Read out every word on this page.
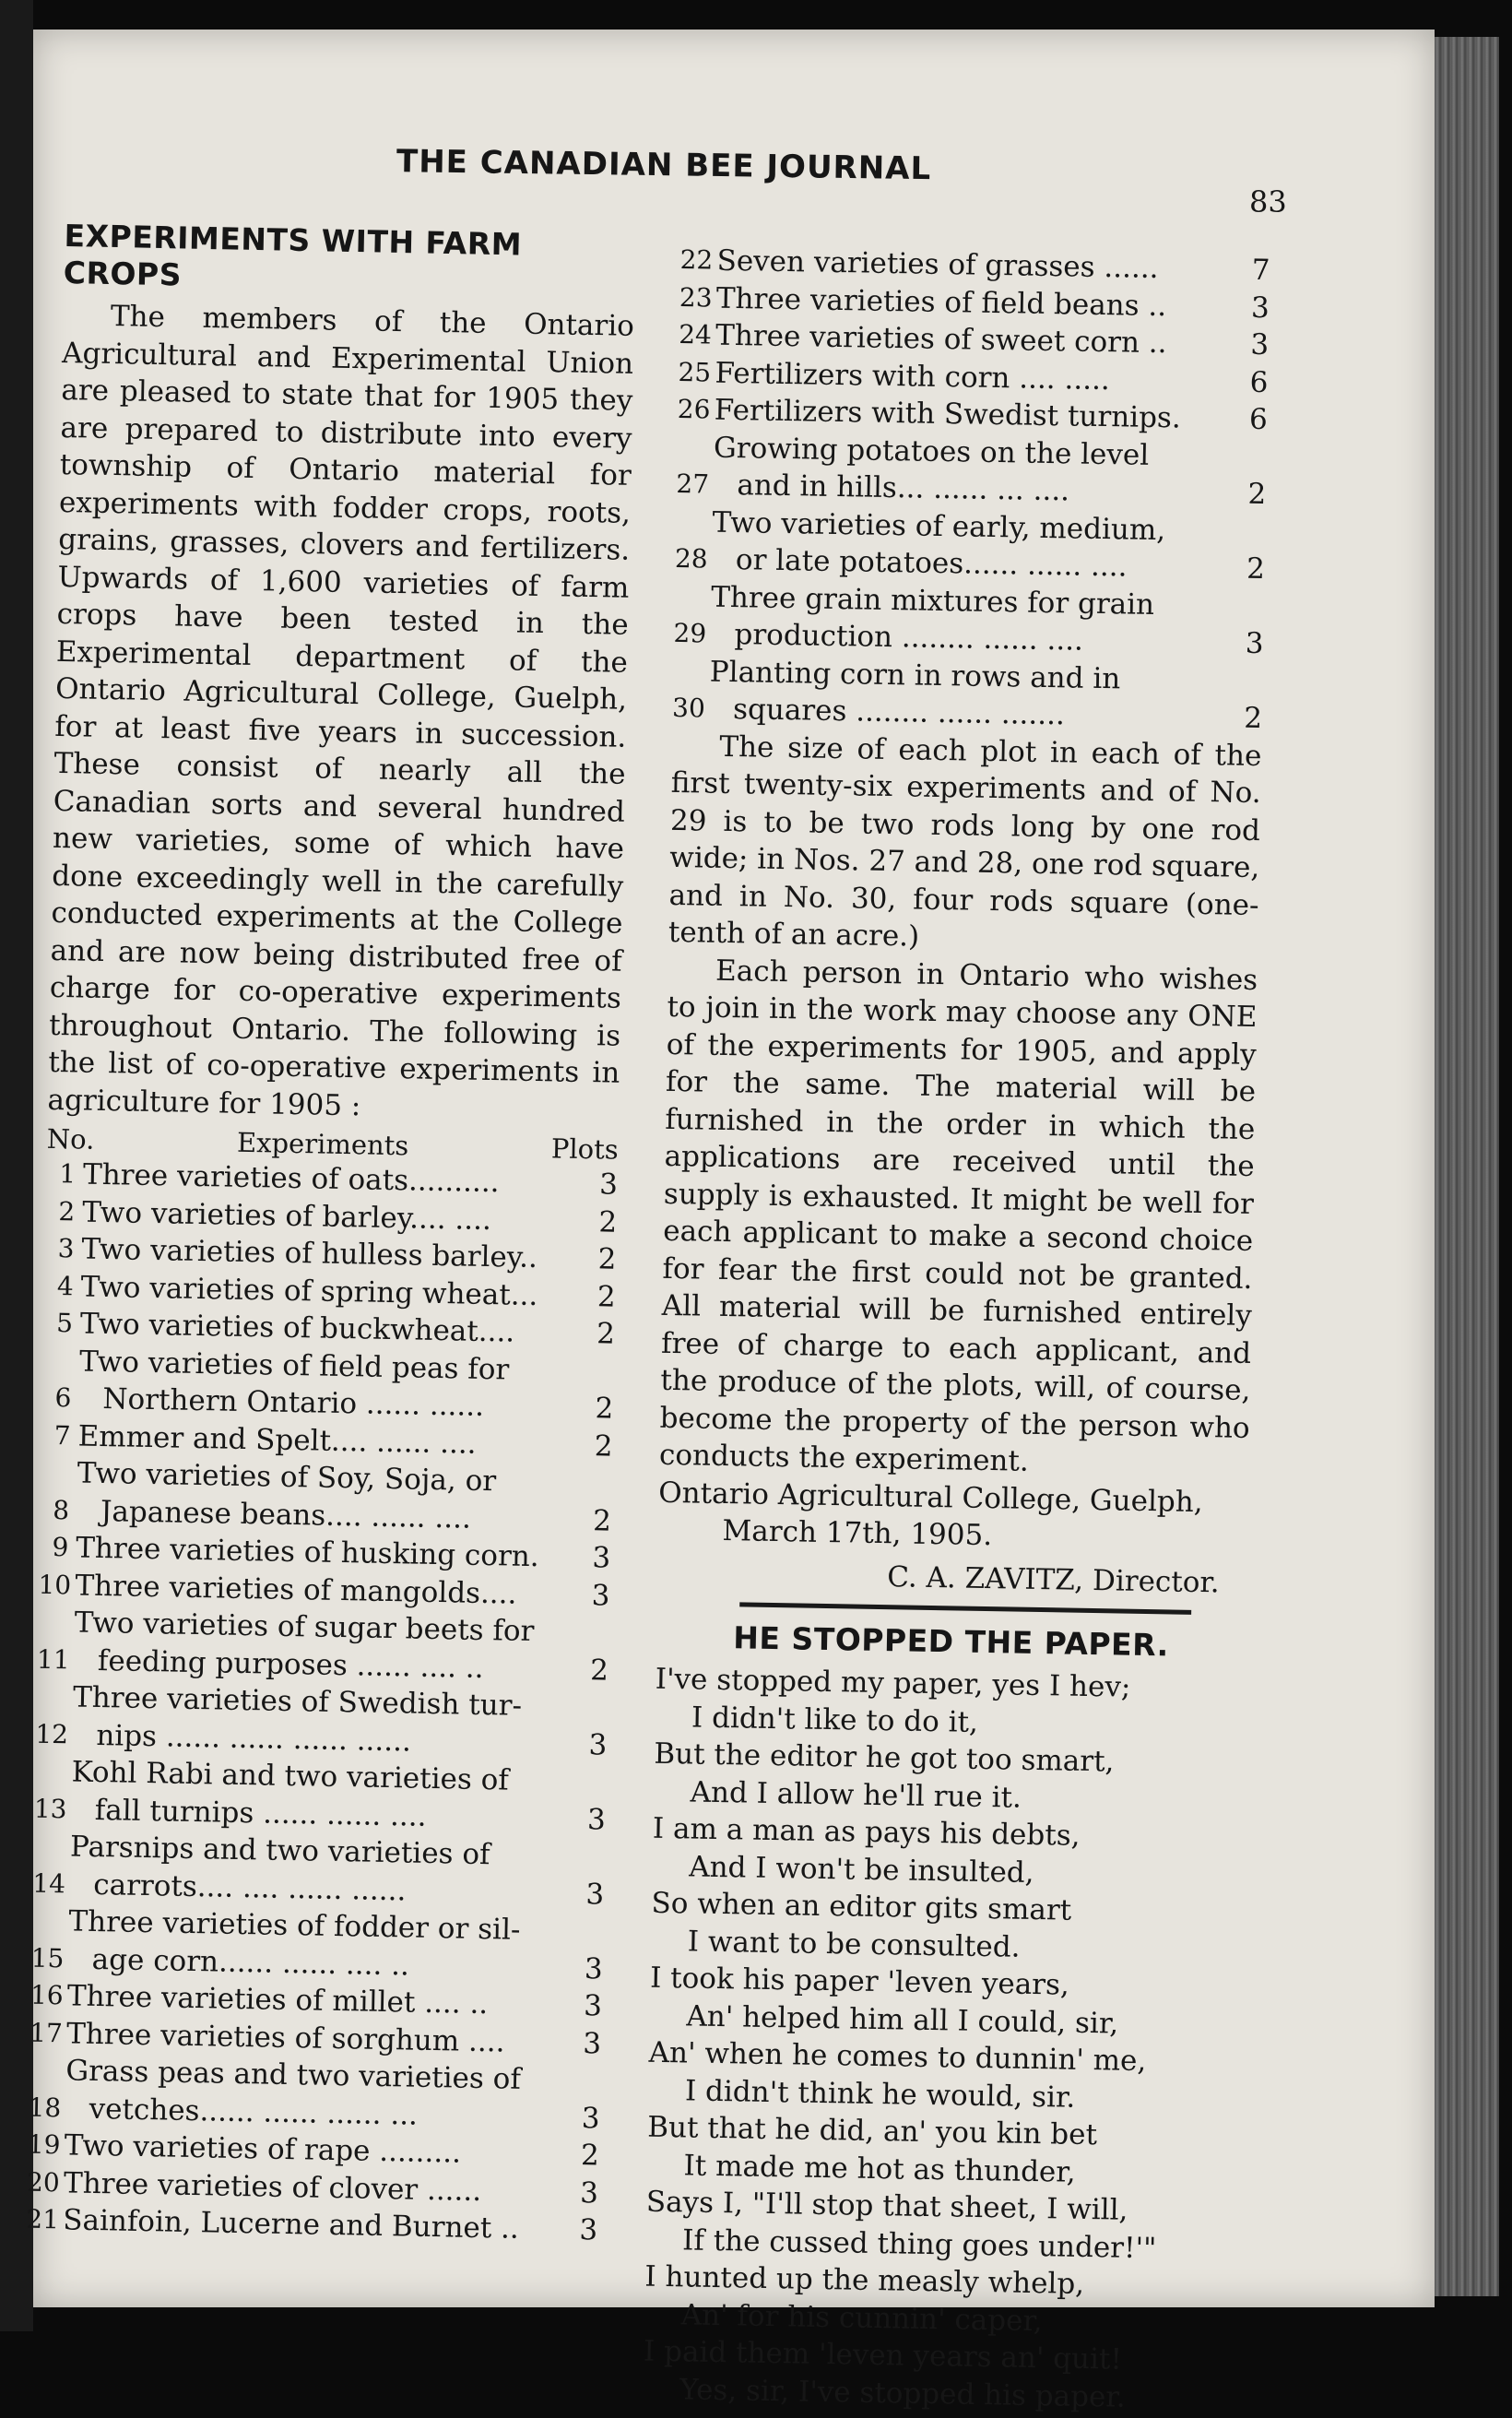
THE CANADIAN BEE JOURNAL
83
EXPERIMENTS WITH FARM CROPS

The members of the Ontario Agricultural and Experimental Union are pleased to state that for 1905 they are prepared to distribute into every township of Ontario material for experiments with fodder crops, roots, grains, grasses, clovers and fertilizers. Upwards of 1,600 varieties of farm crops have been tested in the Experimental department of the Ontario Agricultural College, Guelph, for at least five years in succession. These consist of nearly all the Canadian sorts and several hundred new varieties, some of which have done exceedingly well in the carefully conducted experiments at the College and are now being distributed free of charge for co-operative experiments throughout Ontario. The following is the list of co-operative experiments in agriculture for 1905 :

No.	Experiments	Plots
1 Three varieties of oats..........	3
2 Two varieties of barley.... ....	2
3 Two varieties of hulless barley..	2
4 Two varieties of spring wheat...	2
5 Two varieties of buckwheat....	2
6
Two varieties of field peas for
Northern Ontario ...... ......	2
7 Emmer and Spelt.... ...... ....	2
8
Two varieties of Soy, Soja, or
Japanese beans.... ...... ....	2
9 Three varieties of husking corn.	3
10 Three varieties of mangolds....	3
11
Two varieties of sugar beets for
feeding purposes ...... .... ..	2
12
Three varieties of Swedish tur-
nips ...... ...... ...... ......	3
13
Kohl Rabi and two varieties of
fall turnips ...... ...... ....	3
14
Parsnips and two varieties of
carrots.... .... ...... ......	3
15
Three varieties of fodder or sil-
age corn...... ...... .... ..	3
16 Three varieties of millet .... ..	3
17 Three varieties of sorghum ....	3
18
Grass peas and two varieties of
vetches...... ...... ...... ...	3
19 Two varieties of rape .........	2
20 Three varieties of clover ......	3
21 Sainfoin, Lucerne and Burnet ..	3
22 Seven varieties of grasses ......	7
23 Three varieties of field beans ..	3
24 Three varieties of sweet corn ..	3
25 Fertilizers with corn .... .....	6
26 Fertilizers with Swedist turnips.	6
27
Growing potatoes on the level
and in hills... ...... ... ....	2
28
Two varieties of early, medium,
or late potatoes...... ...... ....	2
29
Three grain mixtures for grain
production ........ ...... ....	3
30
Planting corn in rows and in
squares ........ ...... .......	2

The size of each plot in each of the first twenty-six experiments and of No. 29 is to be two rods long by one rod wide; in Nos. 27 and 28, one rod square, and in No. 30, four rods square (one-tenth of an acre.)

Each person in Ontario who wishes to join in the work may choose any ONE of the experiments for 1905, and apply for the same. The material will be furnished in the order in which the applications are received until the supply is exhausted. It might be well for each applicant to make a second choice for fear the first could not be granted. All material will be furnished entirely free of charge to each applicant, and the produce of the plots, will, of course, become the property of the person who conducts the experiment.

Ontario Agricultural College, Guelph,

March 17th, 1905.
C. A. ZAVITZ, Director.
HE STOPPED THE PAPER.
I've stopped my paper, yes I hev;
I didn't like to do it,
But the editor he got too smart,
And I allow he'll rue it.
I am a man as pays his debts,
And I won't be insulted,
So when an editor gits smart
I want to be consulted.
I took his paper 'leven years,
An' helped him all I could, sir,
An' when he comes to dunnin' me,
I didn't think he would, sir.
But that he did, an' you kin bet
It made me hot as thunder,
Says I, "I'll stop that sheet, I will,
If the cussed thing goes under!'"
I hunted up the measly whelp,
An' for his cunnin' caper,
I paid them 'leven years an' quit!
Yes, sir, I've stopped his paper.
